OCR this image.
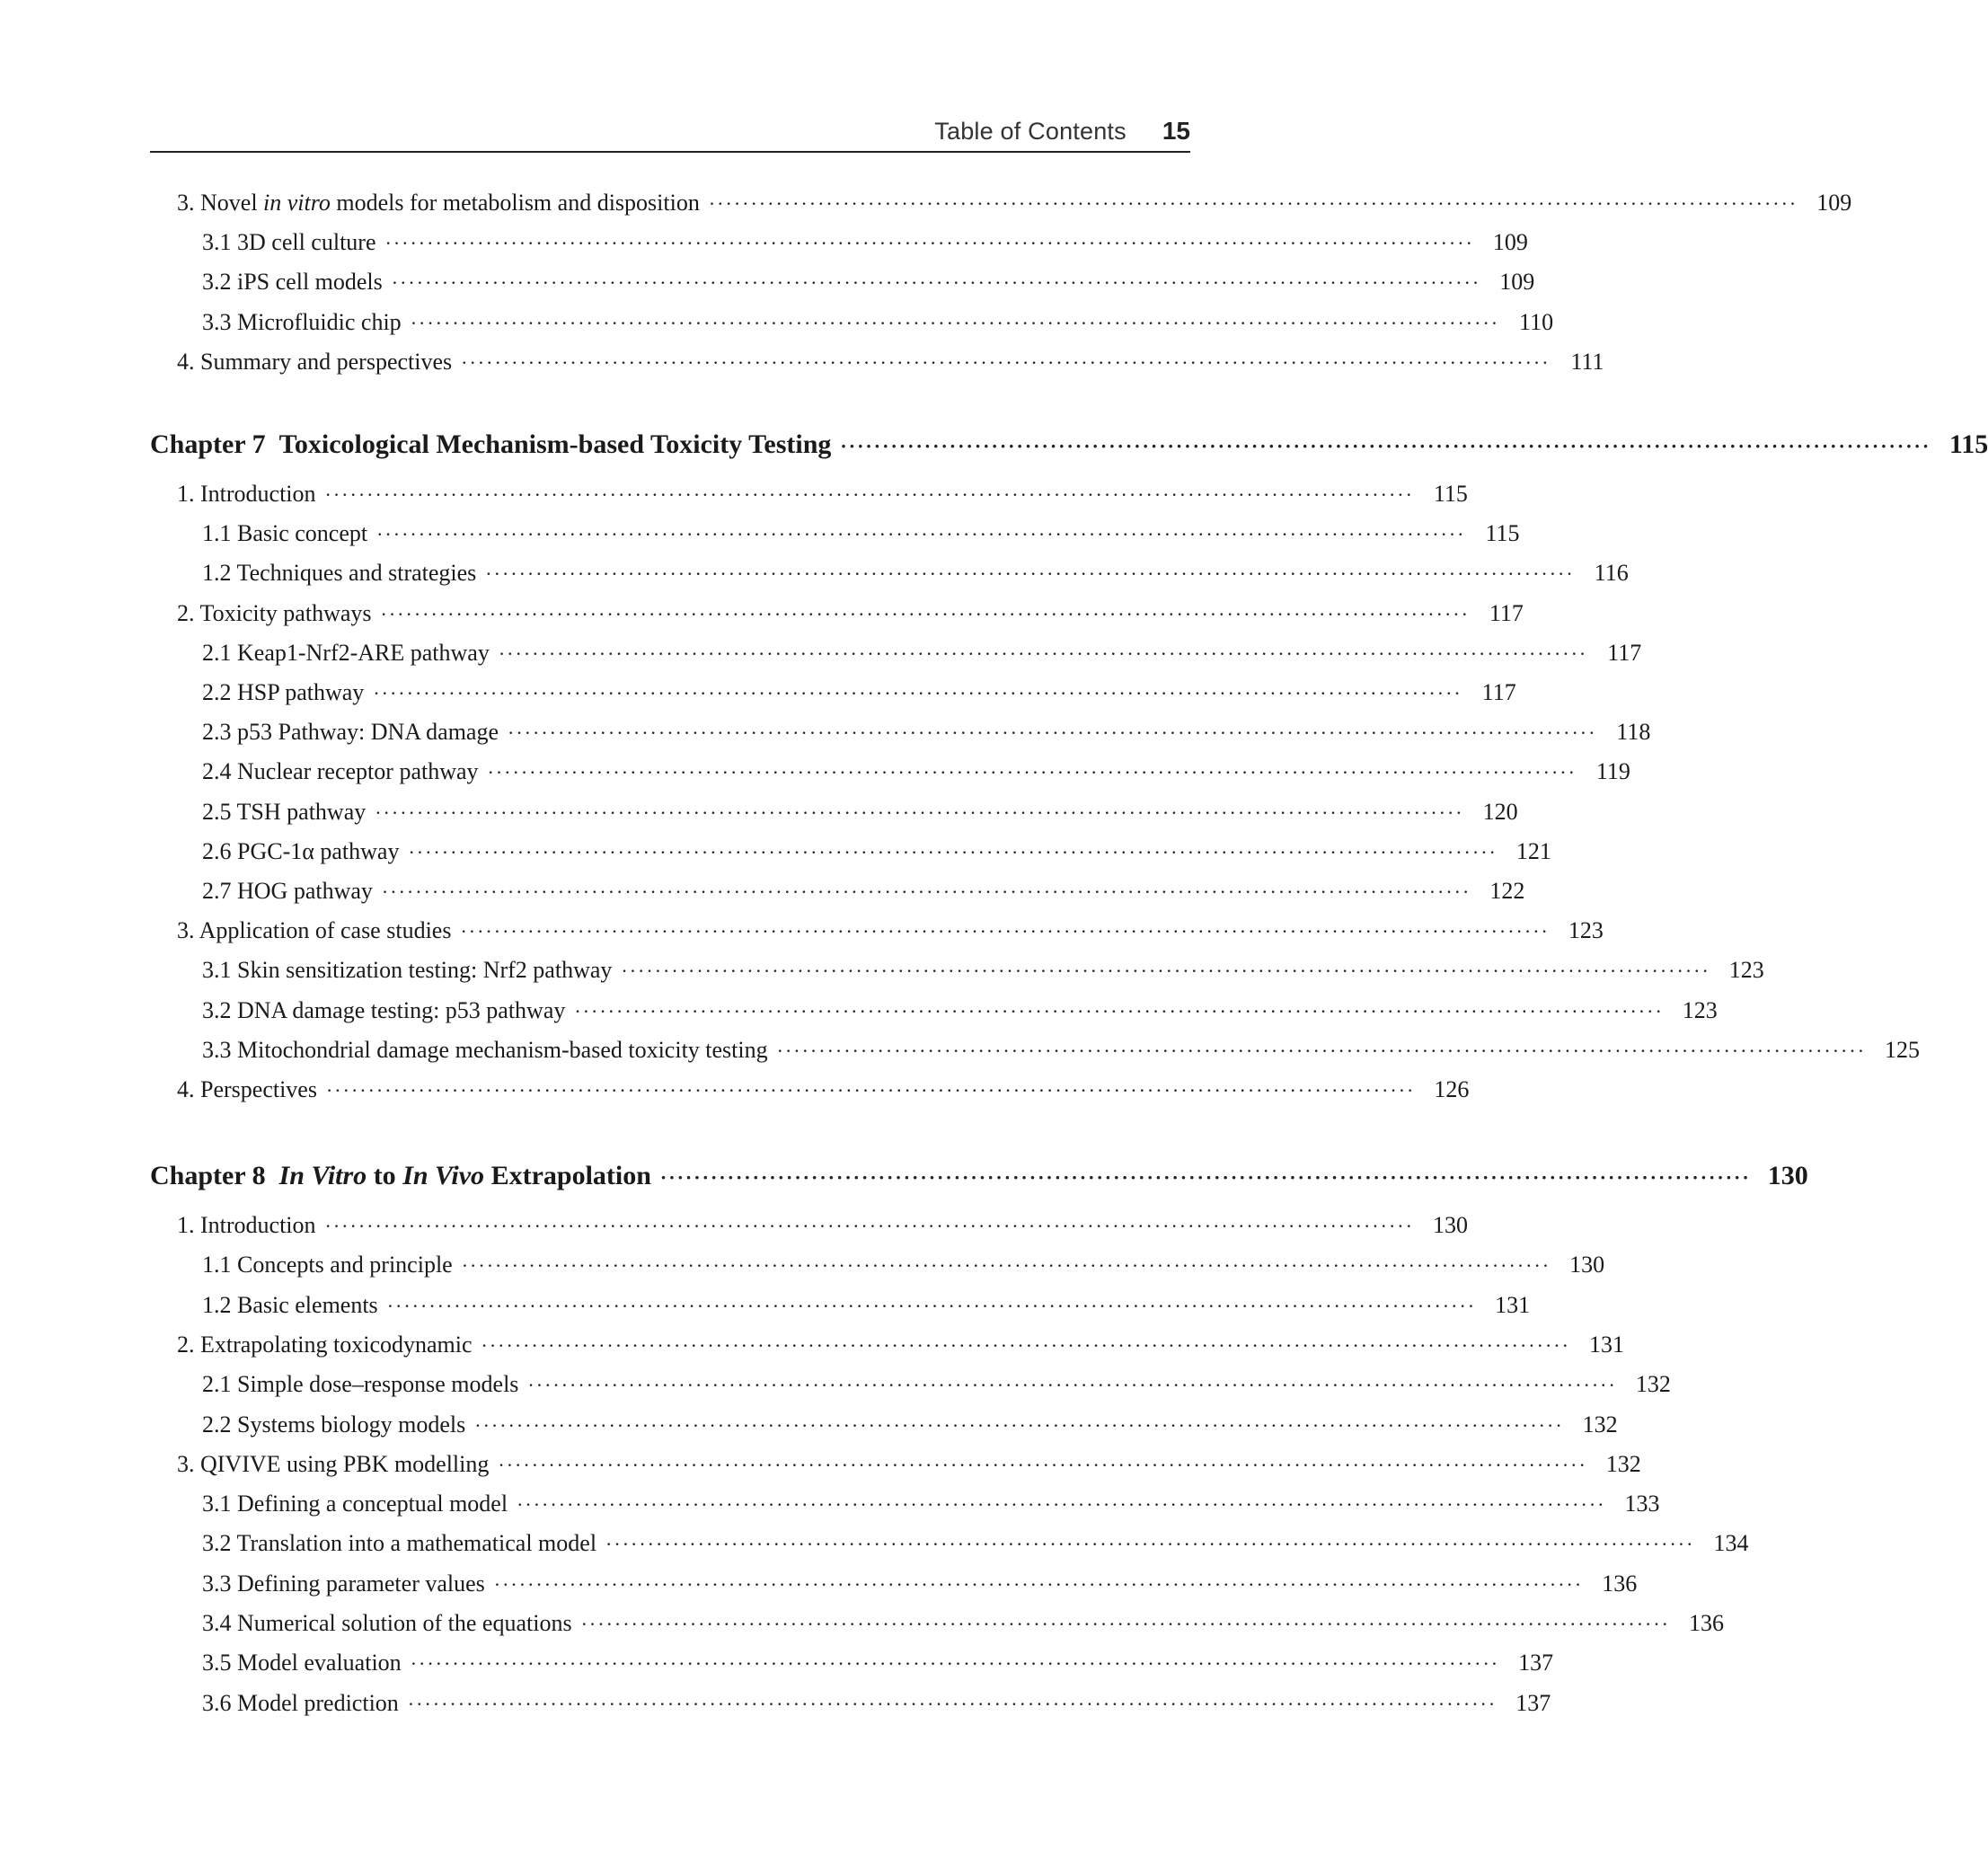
Table of Contents 15
3. Novel in vitro models for metabolism and disposition ·································································································································· 109
3.1 3D cell culture ·································································································································· 109
3.2 iPS cell models ·································································································································· 109
3.3 Microfluidic chip ·································································································································· 110
4. Summary and perspectives ·································································································································· 111
Chapter 7 Toxicological Mechanism-based Toxicity Testing ·································································································································· 115
1. Introduction ·································································································································· 115
1.1 Basic concept ·································································································································· 115
1.2 Techniques and strategies ·································································································································· 116
2. Toxicity pathways ·································································································································· 117
2.1 Keap1-Nrf2-ARE pathway ·································································································································· 117
2.2 HSP pathway ·································································································································· 117
2.3 p53 Pathway: DNA damage ·································································································································· 118
2.4 Nuclear receptor pathway ·································································································································· 119
2.5 TSH pathway ·································································································································· 120
2.6 PGC-1α pathway ·································································································································· 121
2.7 HOG pathway ·································································································································· 122
3. Application of case studies ·································································································································· 123
3.1 Skin sensitization testing: Nrf2 pathway ·································································································································· 123
3.2 DNA damage testing: p53 pathway ·································································································································· 123
3.3 Mitochondrial damage mechanism-based toxicity testing ·································································································································· 125
4. Perspectives ·································································································································· 126
Chapter 8 In Vitro to In Vivo Extrapolation ·································································································································· 130
1. Introduction ·································································································································· 130
1.1 Concepts and principle ·································································································································· 130
1.2 Basic elements ·································································································································· 131
2. Extrapolating toxicodynamic ·································································································································· 131
2.1 Simple dose–response models ·································································································································· 132
2.2 Systems biology models ·································································································································· 132
3. QIVIVE using PBK modelling ·································································································································· 132
3.1 Defining a conceptual model ·································································································································· 133
3.2 Translation into a mathematical model ·································································································································· 134
3.3 Defining parameter values ·································································································································· 136
3.4 Numerical solution of the equations ·································································································································· 136
3.5 Model evaluation ·································································································································· 137
3.6 Model prediction ·································································································································· 137
